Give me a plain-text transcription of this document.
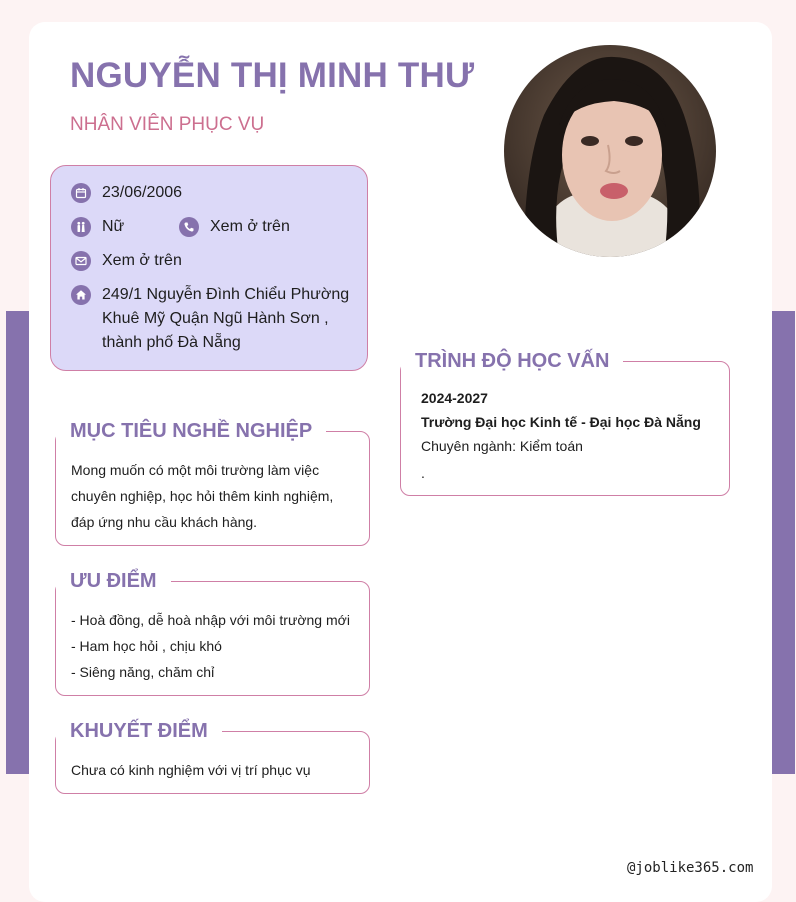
NGUYỄN THỊ MINH THƯ
NHÂN VIÊN PHỤC VỤ
23/06/2006
Nữ	Xem ở trên
Xem ở trên
249/1 Nguyễn Đình Chiểu Phường
Khuê Mỹ Quận Ngũ Hành Sơn ,
thành phố Đà Nẵng
Mong muốn có một môi trường làm việc
chuyên nghiệp, học hỏi thêm kinh nghiệm,
đáp ứng nhu cầu khách hàng.
MỤC TIÊU NGHỀ NGHIỆP
- Hoà đồng, dễ hoà nhập với môi trường mới
- Ham học hỏi , chịu khó
- Siêng năng, chăm chỉ
ƯU ĐIỂM
Chưa có kinh nghiệm với vị trí phục vụ
KHUYẾT ĐIỂM
2024-2027
Trường Đại học Kinh tế - Đại học Đà Nẵng
Chuyên ngành: Kiểm toán
.
TRÌNH ĐỘ HỌC VẤN
@joblike365.com
